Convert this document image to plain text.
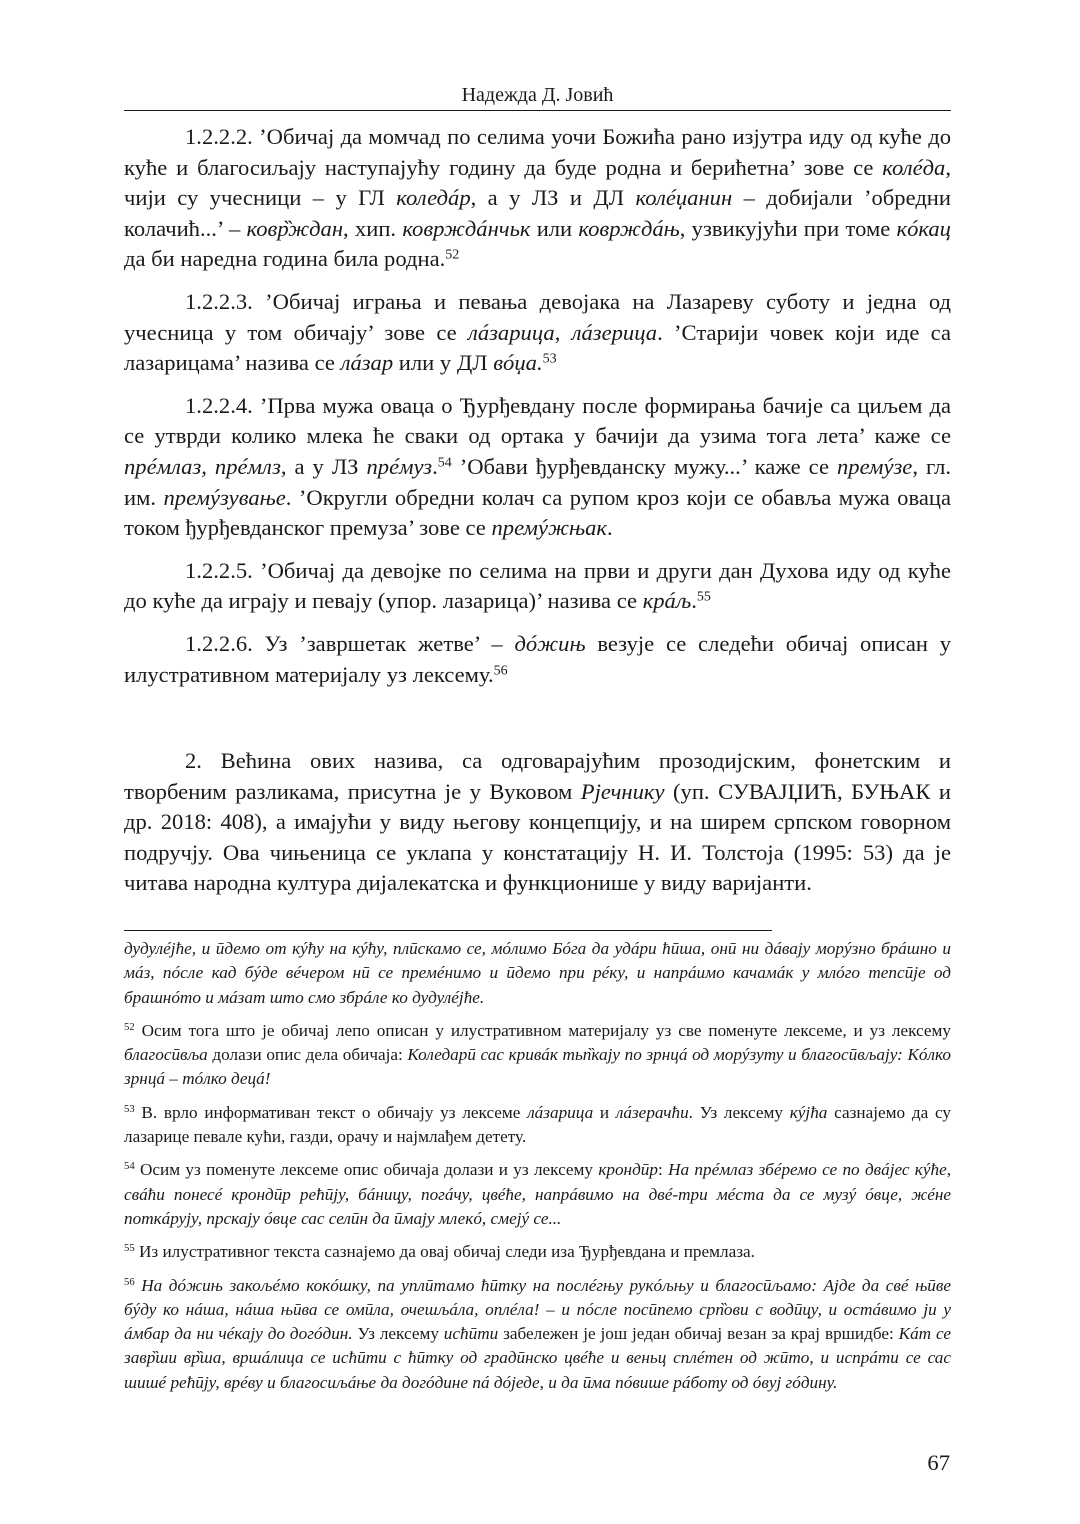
Надежда Д. Јовић

1.2.2.2. ’Обичај да момчад по селима уочи Божића рано изјутра иду од куће до куће и благосиљају наступајућу годину да буде родна и берићетна’ зове се колéда, чији су учесници – у ГЛ коледáр, а у ЛЗ и ДЛ колéџанин – добијали ’обредни колачић...’ – ковр̏ждан, хип. коврждáнчьк или коврждáњ, узвикујући при томе кóкац да би наредна година била родна.$^{52}$

1.2.2.3. ’Обичај играња и певања девојака на Лазареву суботу и једна од учесница у том обичају’ зове се лáзарица, лáзерица. ’Старији човек који иде са лазарицама’ назива се лáзар или у ДЛ вóџа.$^{53}$

1.2.2.4. ’Прва мужа оваца о Ђурђевдану после формирања бачије са циљем да се утврди колико млека ће сваки од ортака у бачији да узима тога лета’ каже се прéмлаз, прéмлз, а у ЛЗ прéмуз.$^{54}$ ’Обави ђурђевданску мужу...’ каже се премýзе, гл. им. премýзување. ’Округли обредни колач са рупом кроз који се обавља мужа оваца током ђурђевданског премуза’ зове се премýжњак.

1.2.2.5. ’Обичај да девојке по селима на први и други дан Духова иду од куће до куће да играју и певају (упор. лазарица)’ назива се крáљ.$^{55}$

1.2.2.6. Уз ’завршетак жетве’ – дóжињ везује се следећи обичај описан у илустративном материјалу уз лексему.$^{56}$

2. Већина ових назива, са одговарајућим прозодијским, фонетским и творбеним разликама, присутна је у Вуковом Рјечнику (уп. СУВАЈЏИЋ, БУЊАК и др. 2018: 408), а имајући у виду његову концепцију, и на ширем српском говорном подручју. Ова чињеница се уклапа у констатацију Н. И. Толстоја (1995: 53) да је читава народна култура дијалекатска и функционише у виду варијанти.

дудулéјће, и ӣдемо от кýћу на кýћу, плӣскамо се, мóлимо Бóга да удáри ћӣша, онӣ ни дáвају морýзно брáшно и мáз, пóсле кад бýде вéчером нӣ се премéнимо и ӣдемо при рéку, и напрáимо качамáк у млóго тепсӣје од брашнóто и мáзат што смо збрáле ко дудулéјће.

$^{52}$ Осим тога што је обичај лепо описан у илустративном материјалу уз све поменуте лексеме, и уз лексему благосӣвља долази опис дела обичаја: Коледарӣ сас кривáк тьп̏кају по зрнцá од морýзуту и благосӣвљају: Кóлко зрнцá – тóлко децá!

$^{53}$ В. врло информативан текст о обичају уз лексеме лáзарица и лáзерачћи. Уз лексему кýјћа сазнајемо да су лазарице певале кући, газди, орачу и најмлађем детету.

$^{54}$ Осим уз поменуте лексеме опис обичаја долази и уз лексему крондӣр: На прéмлаз збéремо се по двáјес кýће, свáћи понесé крондӣр рећӣју, бáницу, погáчу, цвéће, напрáвимо на двé-три мéста да се музý óвце, жéне поткáрују, прскају óвце сас селӣн да ӣмају млекó, смејý се...

$^{55}$ Из илустративног текста сазнајемо да овај обичај следи иза Ђурђевдана и премлаза.

$^{56}$ На дóжињ закољéмо кокóшку, па уплӣтамо ћӣтку на послéгњу рукóљњу и благосӣљамо: Ајде да свé њӣве бýду ко нáша, нáша њӣва се омӣла, очешљáла, оплéла! – и пóсле посӣпемо срп̏ови с водӣцу, и остáвимо ји у áмбар да ни чéкају до догóдин. Уз лексему исћӣти забележен је још један обичај везан за крај вршидбе: Кáт се завр̏ши вр̏ша, вршáлица се исћӣти с ћӣтку од градӣнско цвéће и веньц сплéтен од жӣто, и испрáти се сас шишé рећӣју, врéву и благосиљáње да догóдине пá дóједе, и да ӣма пóвише рáботу од óвуј гóдину.

67
